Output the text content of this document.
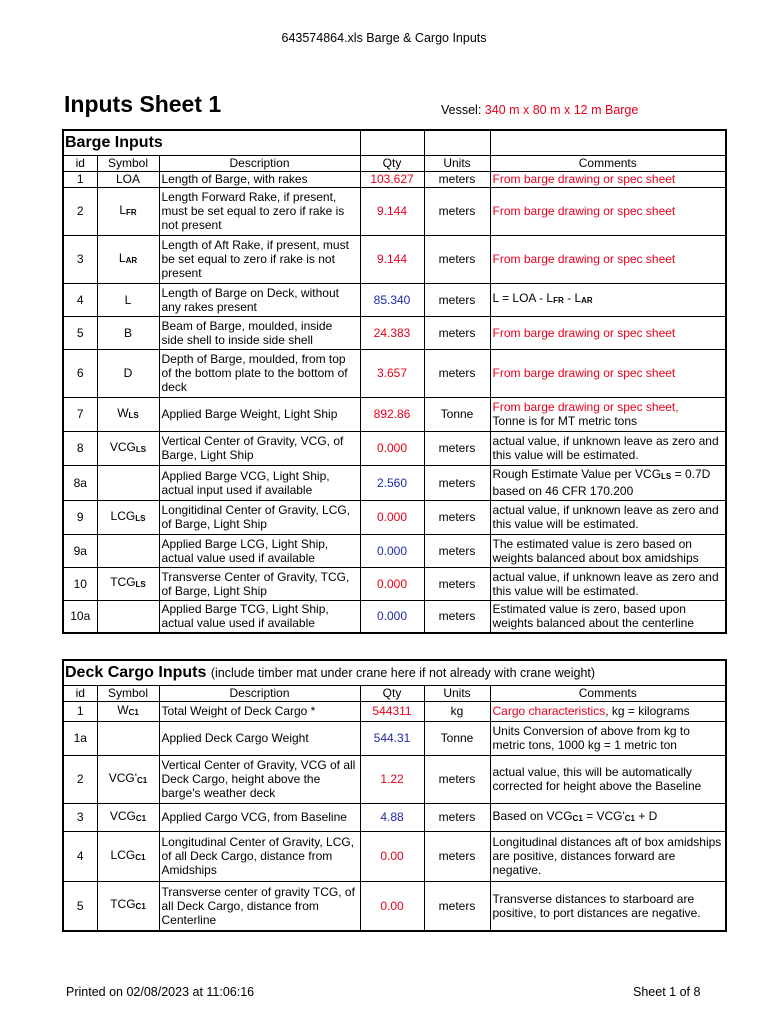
643574864.xls Barge & Cargo Inputs
Inputs Sheet 1	Vessel: 340 m x 80 m x 12 m Barge
Barge Inputs					
id	Symbol	Description	Qty	Units	Comments
1	LOA	Length of Barge, with rakes	103.627	meters	From barge drawing or spec sheet
2	$L_{FR}$	Length Forward Rake, if present, must be set equal to zero if rake is not present	9.144	meters	From barge drawing or spec sheet
3	$L_{AR}$	Length of Aft Rake, if present, must be set equal to zero if rake is not present	9.144	meters	From barge drawing or spec sheet
4	L	Length of Barge on Deck, without any rakes present	85.340	meters	L = LOA - $L_{FR} - L_{AR}$
5	B	Beam of Barge, moulded, inside side shell to inside side shell	24.383	meters	From barge drawing or spec sheet
6	D	Depth of Barge, moulded, from top of the bottom plate to the bottom of deck	3.657	meters	From barge drawing or spec sheet
7	$W_{LS}$	Applied Barge Weight, Light Ship	892.86	Tonne	From barge drawing or spec sheet,
Tonne is for MT metric tons
8	$VCG_{LS}$	Vertical Center of Gravity, VCG, of Barge, Light Ship	0.000	meters	actual value, if unknown leave as zero and this value will be estimated.
8a		Applied Barge VCG, Light Ship, actual input used if available	2.560	meters	Rough Estimate Value per $VCG_{LS} = 0.7D$ based on 46 CFR 170.200
9	$LCG_{LS}$	Longitidinal Center of Gravity, LCG, of Barge, Light Ship	0.000	meters	actual value, if unknown leave as zero and this value will be estimated.
9a		Applied Barge LCG, Light Ship, actual value used if available	0.000	meters	The estimated value is zero based on weights balanced about box amidships
10	$TCG_{LS}$	Transverse Center of Gravity, TCG, of Barge, Light Ship	0.000	meters	actual value, if unknown leave as zero and this value will be estimated.
10a		Applied Barge TCG, Light Ship, actual value used if available	0.000	meters	Estimated value is zero, based upon weights balanced about the centerline
Deck Cargo Inputs (include timber mat under crane here if not already with crane weight)					
id	Symbol	Description	Qty	Units	Comments
1	$W_{C1}$	Total Weight of Deck Cargo *	544311	kg	Cargo characteristics, kg = kilograms
1a		Applied Deck Cargo Weight	544.31	Tonne	Units Conversion of above from kg to metric tons, 1000 kg = 1 metric ton
2	$VCG'_{C1}$	Vertical Center of Gravity, VCG of all Deck Cargo, height above the barge's weather deck	1.22	meters	actual value, this will be automatically corrected for height above the Baseline
3	$VCG_{C1}$	Applied Cargo VCG, from Baseline	4.88	meters	Based on $VCG_{C1} = VCG'_{C1} + D$
4	$LCG_{C1}$	Longitudinal Center of Gravity, LCG, of all Deck Cargo, distance from Amidships	0.00	meters	Longitudinal distances aft of box amidships are positive, distances forward are negative.
5	$TCG_{C1}$	Transverse center of gravity TCG, of all Deck Cargo, distance from Centerline	0.00	meters	Transverse distances to starboard are positive, to port distances are negative.
Printed on 02/08/2023 at 11:06:16	Sheet 1 of 8
